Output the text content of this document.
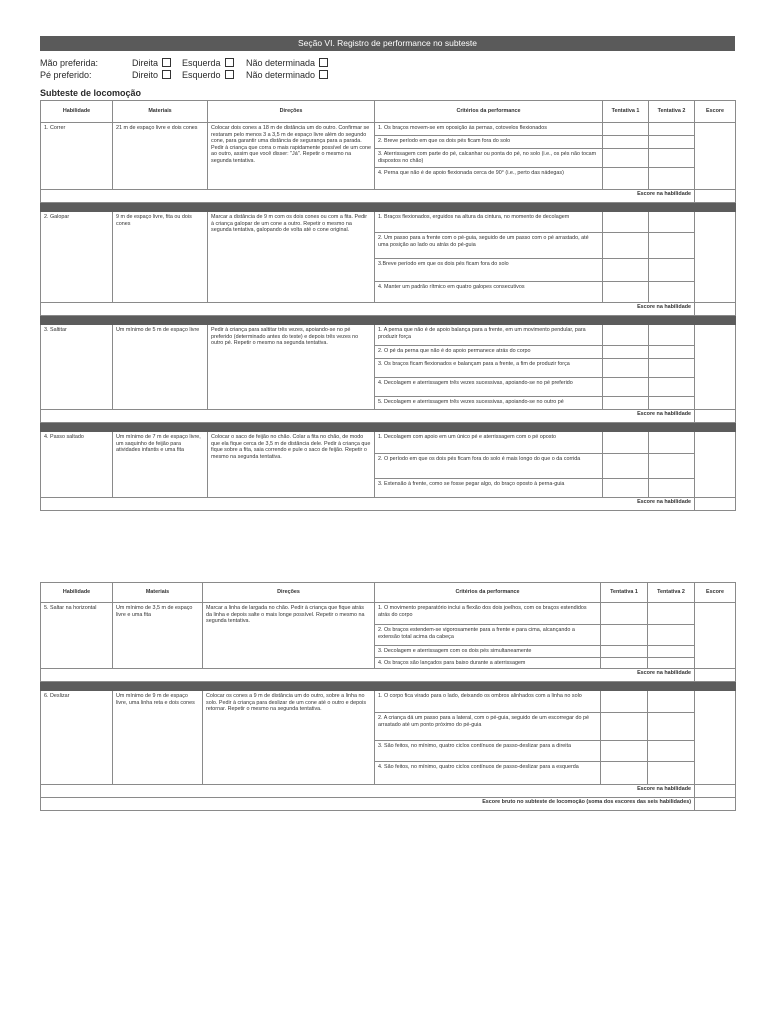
Seção VI. Registro de performance no subteste
Mão preferida:	Direita	Esquerda	Não determinada
Pé preferido:	Direito	Esquerdo	Não determinado
Subteste de locomoção
Habilidade	Materiais	Direções	Critérios da performance	Tentativa 1	Tentativa 2	Escore
1. Correr	21 m de espaço livre e dois cones	Colocar dois cones a 18 m de distância um do outro. Confirmar se restaram pelo menos 3 a 3,5 m de espaço livre além do segundo cone, para garantir uma distância de segurança para a parada. Pedir à criança que corra o mais rapidamente possível de um cone ao outro, assim que você disser: "Já". Repetir o mesmo na segunda tentativa.	1. Os braços movem-se em oposição às pernas, cotovelos flexionados			
			2. Breve período em que os dois pés ficam fora do solo			
			3. Aterrissagem com parte do pé, calcanhar ou ponta do pé, no solo (i.e., os pés não tocam dispostos no chão)			
			4. Perna que não é de apoio flexionada cerca de 90° (i.e., perto das nádegas)			
Escore na habilidade						

2. Galopar	9 m de espaço livre, fita ou dois cones	Marcar a distância de 9 m com os dois cones ou com a fita. Pedir à criança galopar de um cone a outro. Repetir o mesmo na segunda tentativa, galopando de volta até o cone original.	1. Braços flexionados, erguidos na altura da cintura, no momento de decolagem			
			2. Um passo para a frente com o pé-guia, seguido de um passo com o pé arrastado, até uma posição ao lado ou atrás do pé-guia			
			3.Breve período em que os dois pés ficam fora do solo			
			4. Manter um padrão rítmico em quatro galopes consecutivos			
Escore na habilidade						

3. Saltitar	Um mínimo de 5 m de espaço livre	Pedir à criança para saltitar três vezes, apoiando-se no pé preferido (determinado antes do teste) e depois três vezes no outro pé. Repetir o mesmo na segunda tentativa.	1. A perna que não é de apoio balança para a frente, em um movimento pendular, para produzir força			
			2. O pé da perna que não é do apoio permanece atrás do corpo			
			3. Os braços ficam flexionados e balançam para a frente, a fim de produzir força			
			4. Decolagem e aterrissagem três vezes sucessivas, apoiando-se no pé preferido			
			5. Decolagem e aterrissagem três vezes sucessivas, apoiando-se no outro pé			
Escore na habilidade						

4. Passo saltado	Um mínimo de 7 m de espaço livre, um saquinho de feijão para atividades infantis e uma fita	Colocar o saco de feijão no chão. Colar a fita no chão, de modo que ela fique cerca de 3,5 m de distância dele. Pedir à criança que fique sobre a fita, saia correndo e pule o saco de feijão. Repetir o mesmo na segunda tentativa.	1. Decolagem com apoio em um único pé e aterrissagem com o pé oposto			
			2. O período em que os dois pés ficam fora do solo é mais longo do que o da corrida			
			3. Extensão à frente, como se fosse pegar algo, do braço oposto à perna-guia			
Escore na habilidade						
Habilidade	Materiais	Direções	Critérios da performance	Tentativa 1	Tentativa 2	Escore
5. Saltar na horizontal	Um mínimo de 3,5 m de espaço livre e uma fita	Marcar a linha de largada no chão. Pedir à criança que fique atrás da linha e depois salte o mais longe possível. Repetir o mesmo na segunda tentativa.	1. O movimento preparatório inclui a flexão dos dois joelhos, com os braços estendidos atrás do corpo			
			2. Os braços estendem-se vigorosamente para a frente e para cima, alcançando a extensão total acima da cabeça			
			3. Decolagem e aterrissagem com os dois pés simultaneamente			
			4. Os braços são lançados para baixo durante a aterrissagem			
Escore na habilidade						

6. Deslizar	Um mínimo de 9 m de espaço livre, uma linha reta e dois cones	Colocar os cones a 9 m de distância um do outro, sobre a linha no solo. Pedir à criança para deslizar de um cone até o outro e depois retornar. Repetir o mesmo na segunda tentativa.	1. O corpo fica virado para o lado, deixando os ombros alinhados com a linha no solo			
			2. A criança dá um passo para a lateral, com o pé-guia, seguido de um escorregar do pé arrastado até um ponto próximo do pé-guia			
			3. São feitos, no mínimo, quatro ciclos contínuos de passo-deslizar para a direita			
			4. São feitos, no mínimo, quatro ciclos contínuos de passo-deslizar para a esquerda			
Escore na habilidade						
Escore bruto no subteste de locomoção (soma dos escores das seis habilidades)						
